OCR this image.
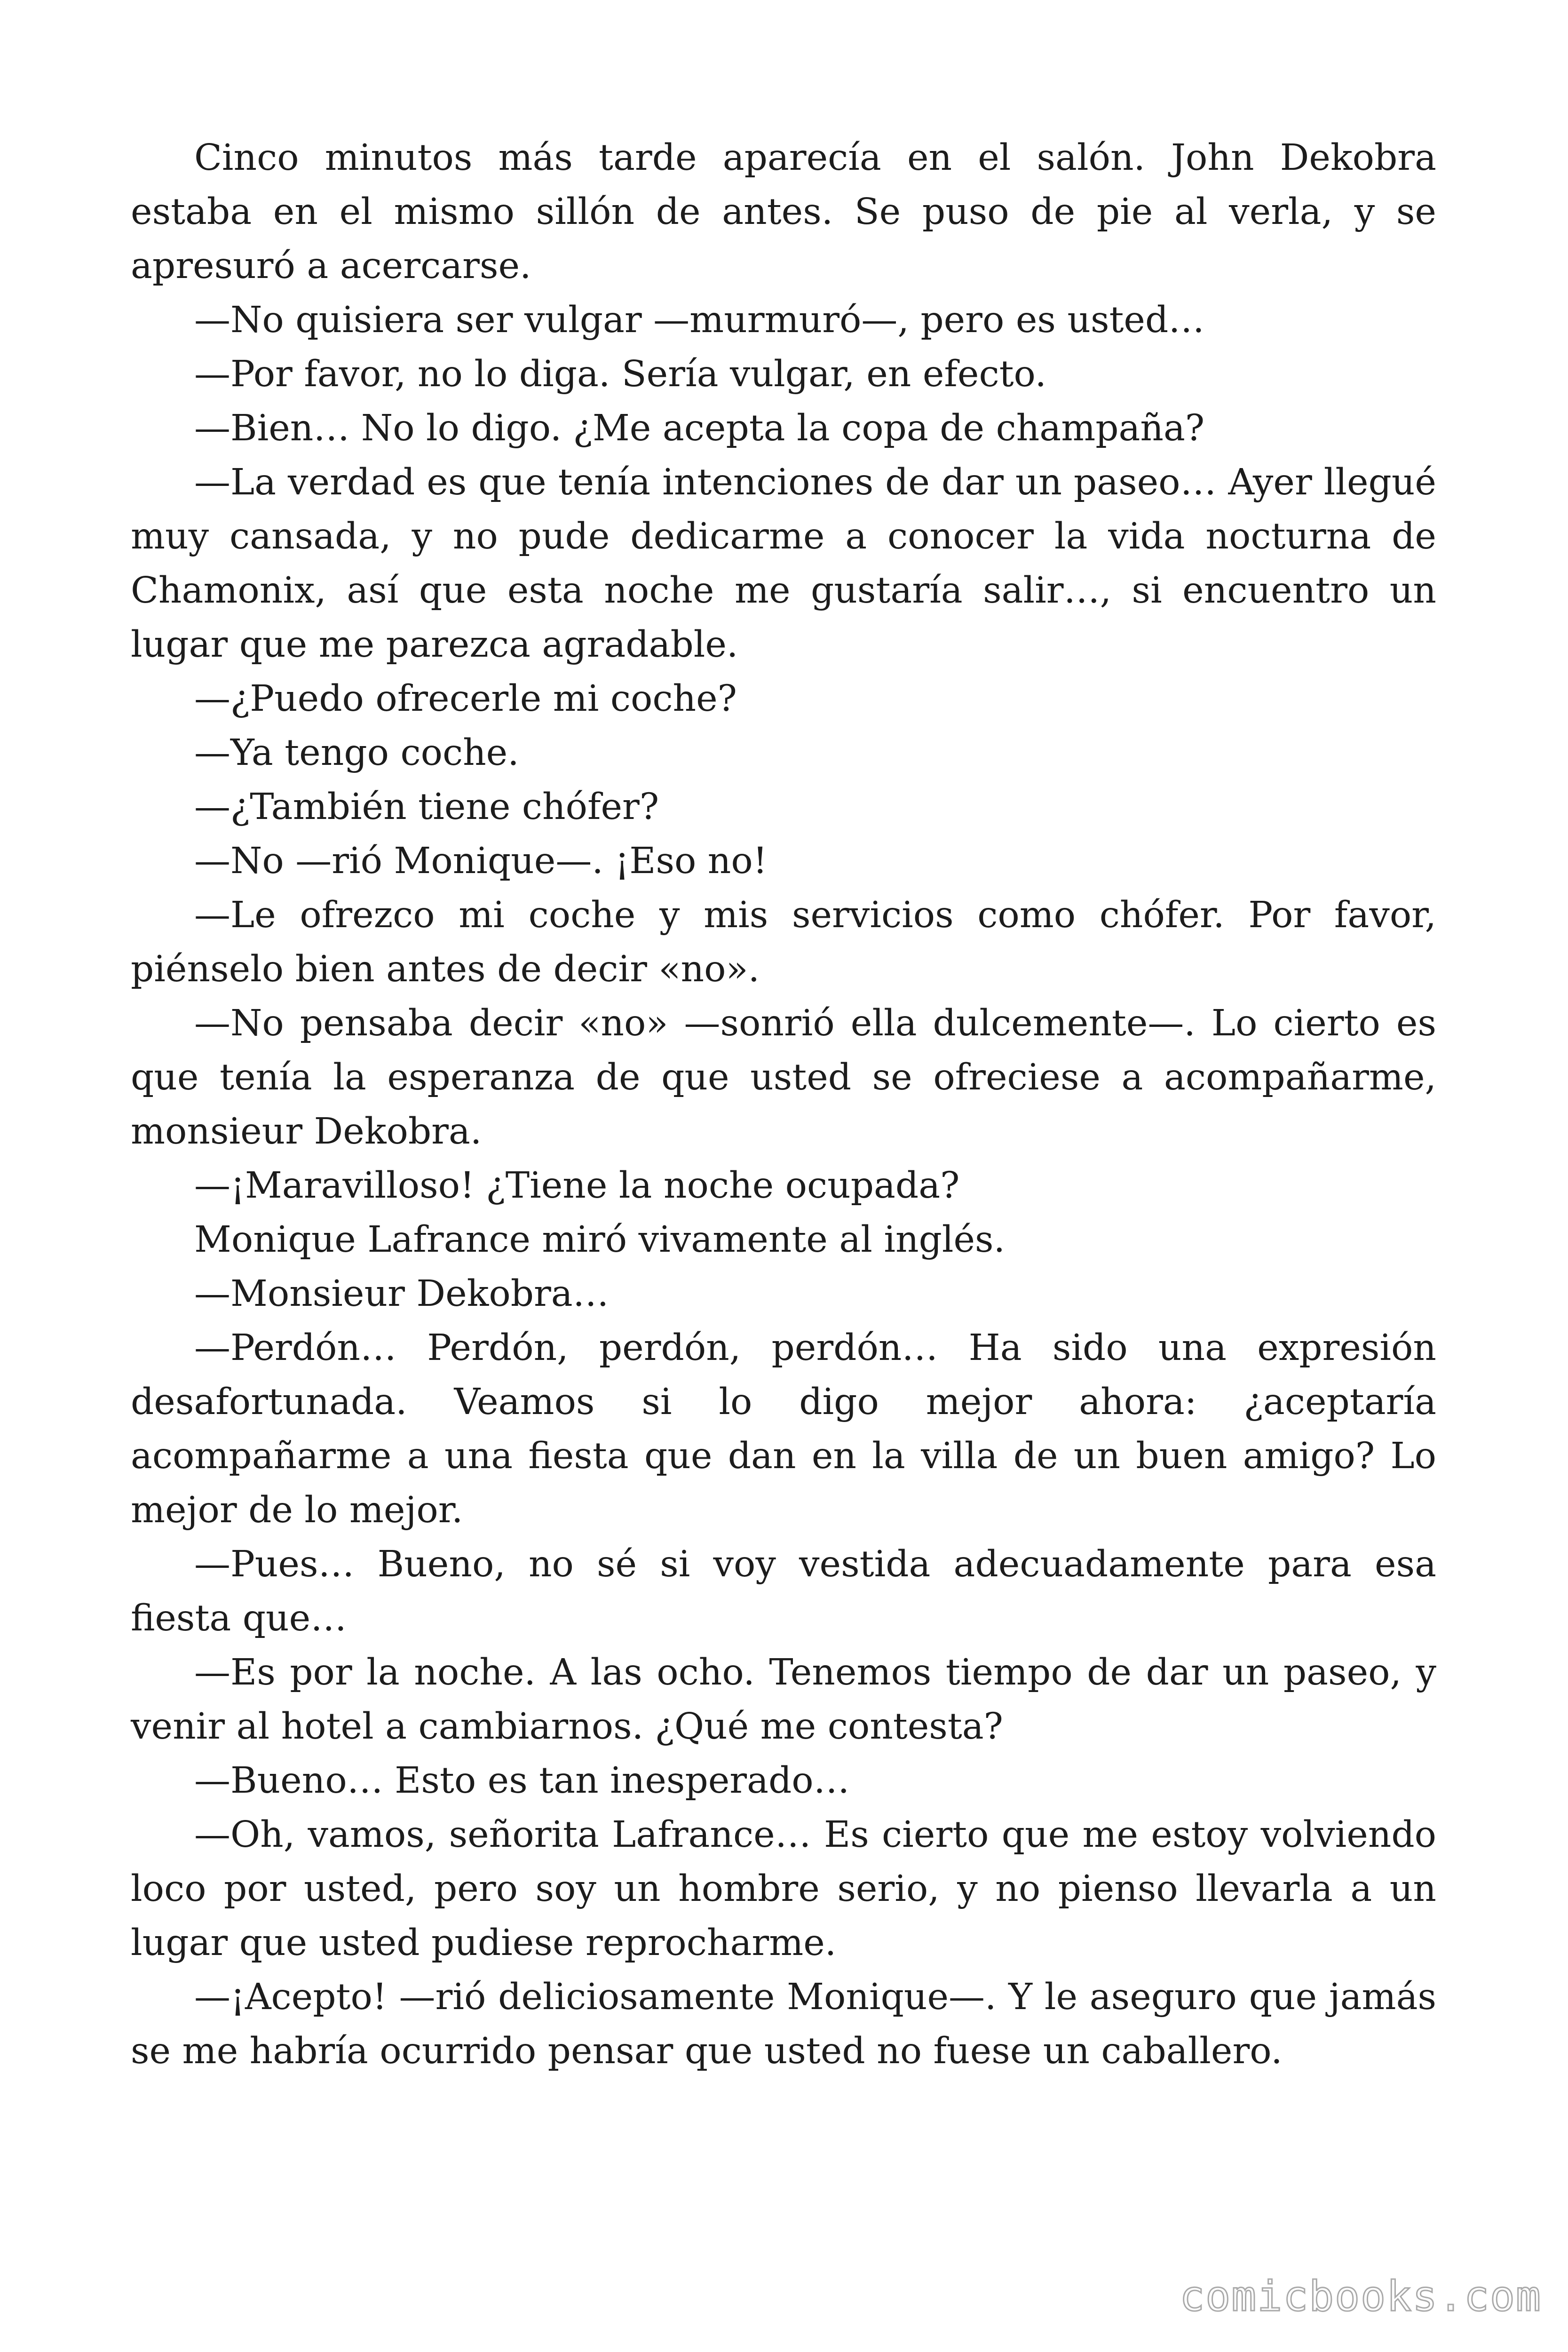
Cinco minutos más tarde aparecía en el salón. John Dekobra estaba en el mismo sillón de antes. Se puso de pie al verla, y se apresuró a acercarse.

—No quisiera ser vulgar —murmuró—, pero es usted…

—Por favor, no lo diga. Sería vulgar, en efecto.

—Bien… No lo digo. ¿Me acepta la copa de champaña?

—La verdad es que tenía intenciones de dar un paseo… Ayer llegué muy cansada, y no pude dedicarme a conocer la vida nocturna de Chamonix, así que esta noche me gustaría salir…, si encuentro un lugar que me parezca agradable.

—¿Puedo ofrecerle mi coche?

—Ya tengo coche.

—¿También tiene chófer?

—No —rió Monique—. ¡Eso no!

—Le ofrezco mi coche y mis servicios como chófer. Por favor, piénselo bien antes de decir «no».

—No pensaba decir «no» —sonrió ella dulcemente—. Lo cierto es que tenía la esperanza de que usted se ofreciese a acompañarme, monsieur Dekobra.

—¡Maravilloso! ¿Tiene la noche ocupada?

Monique Lafrance miró vivamente al inglés.

—Monsieur Dekobra…

—Perdón… Perdón, perdón, perdón… Ha sido una expresión desafortunada. Veamos si lo digo mejor ahora: ¿aceptaría acompañarme a una fiesta que dan en la villa de un buen amigo? Lo mejor de lo mejor.

—Pues… Bueno, no sé si voy vestida adecuadamente para esa fiesta que…

—Es por la noche. A las ocho. Tenemos tiempo de dar un paseo, y venir al hotel a cambiarnos. ¿Qué me contesta?

—Bueno… Esto es tan inesperado…

—Oh, vamos, señorita Lafrance… Es cierto que me estoy volviendo loco por usted, pero soy un hombre serio, y no pienso llevarla a un lugar que usted pudiese reprocharme.

—¡Acepto! —rió deliciosamente Monique—. Y le aseguro que jamás se me habría ocurrido pensar que usted no fuese un caballero.

comicbooks.com
